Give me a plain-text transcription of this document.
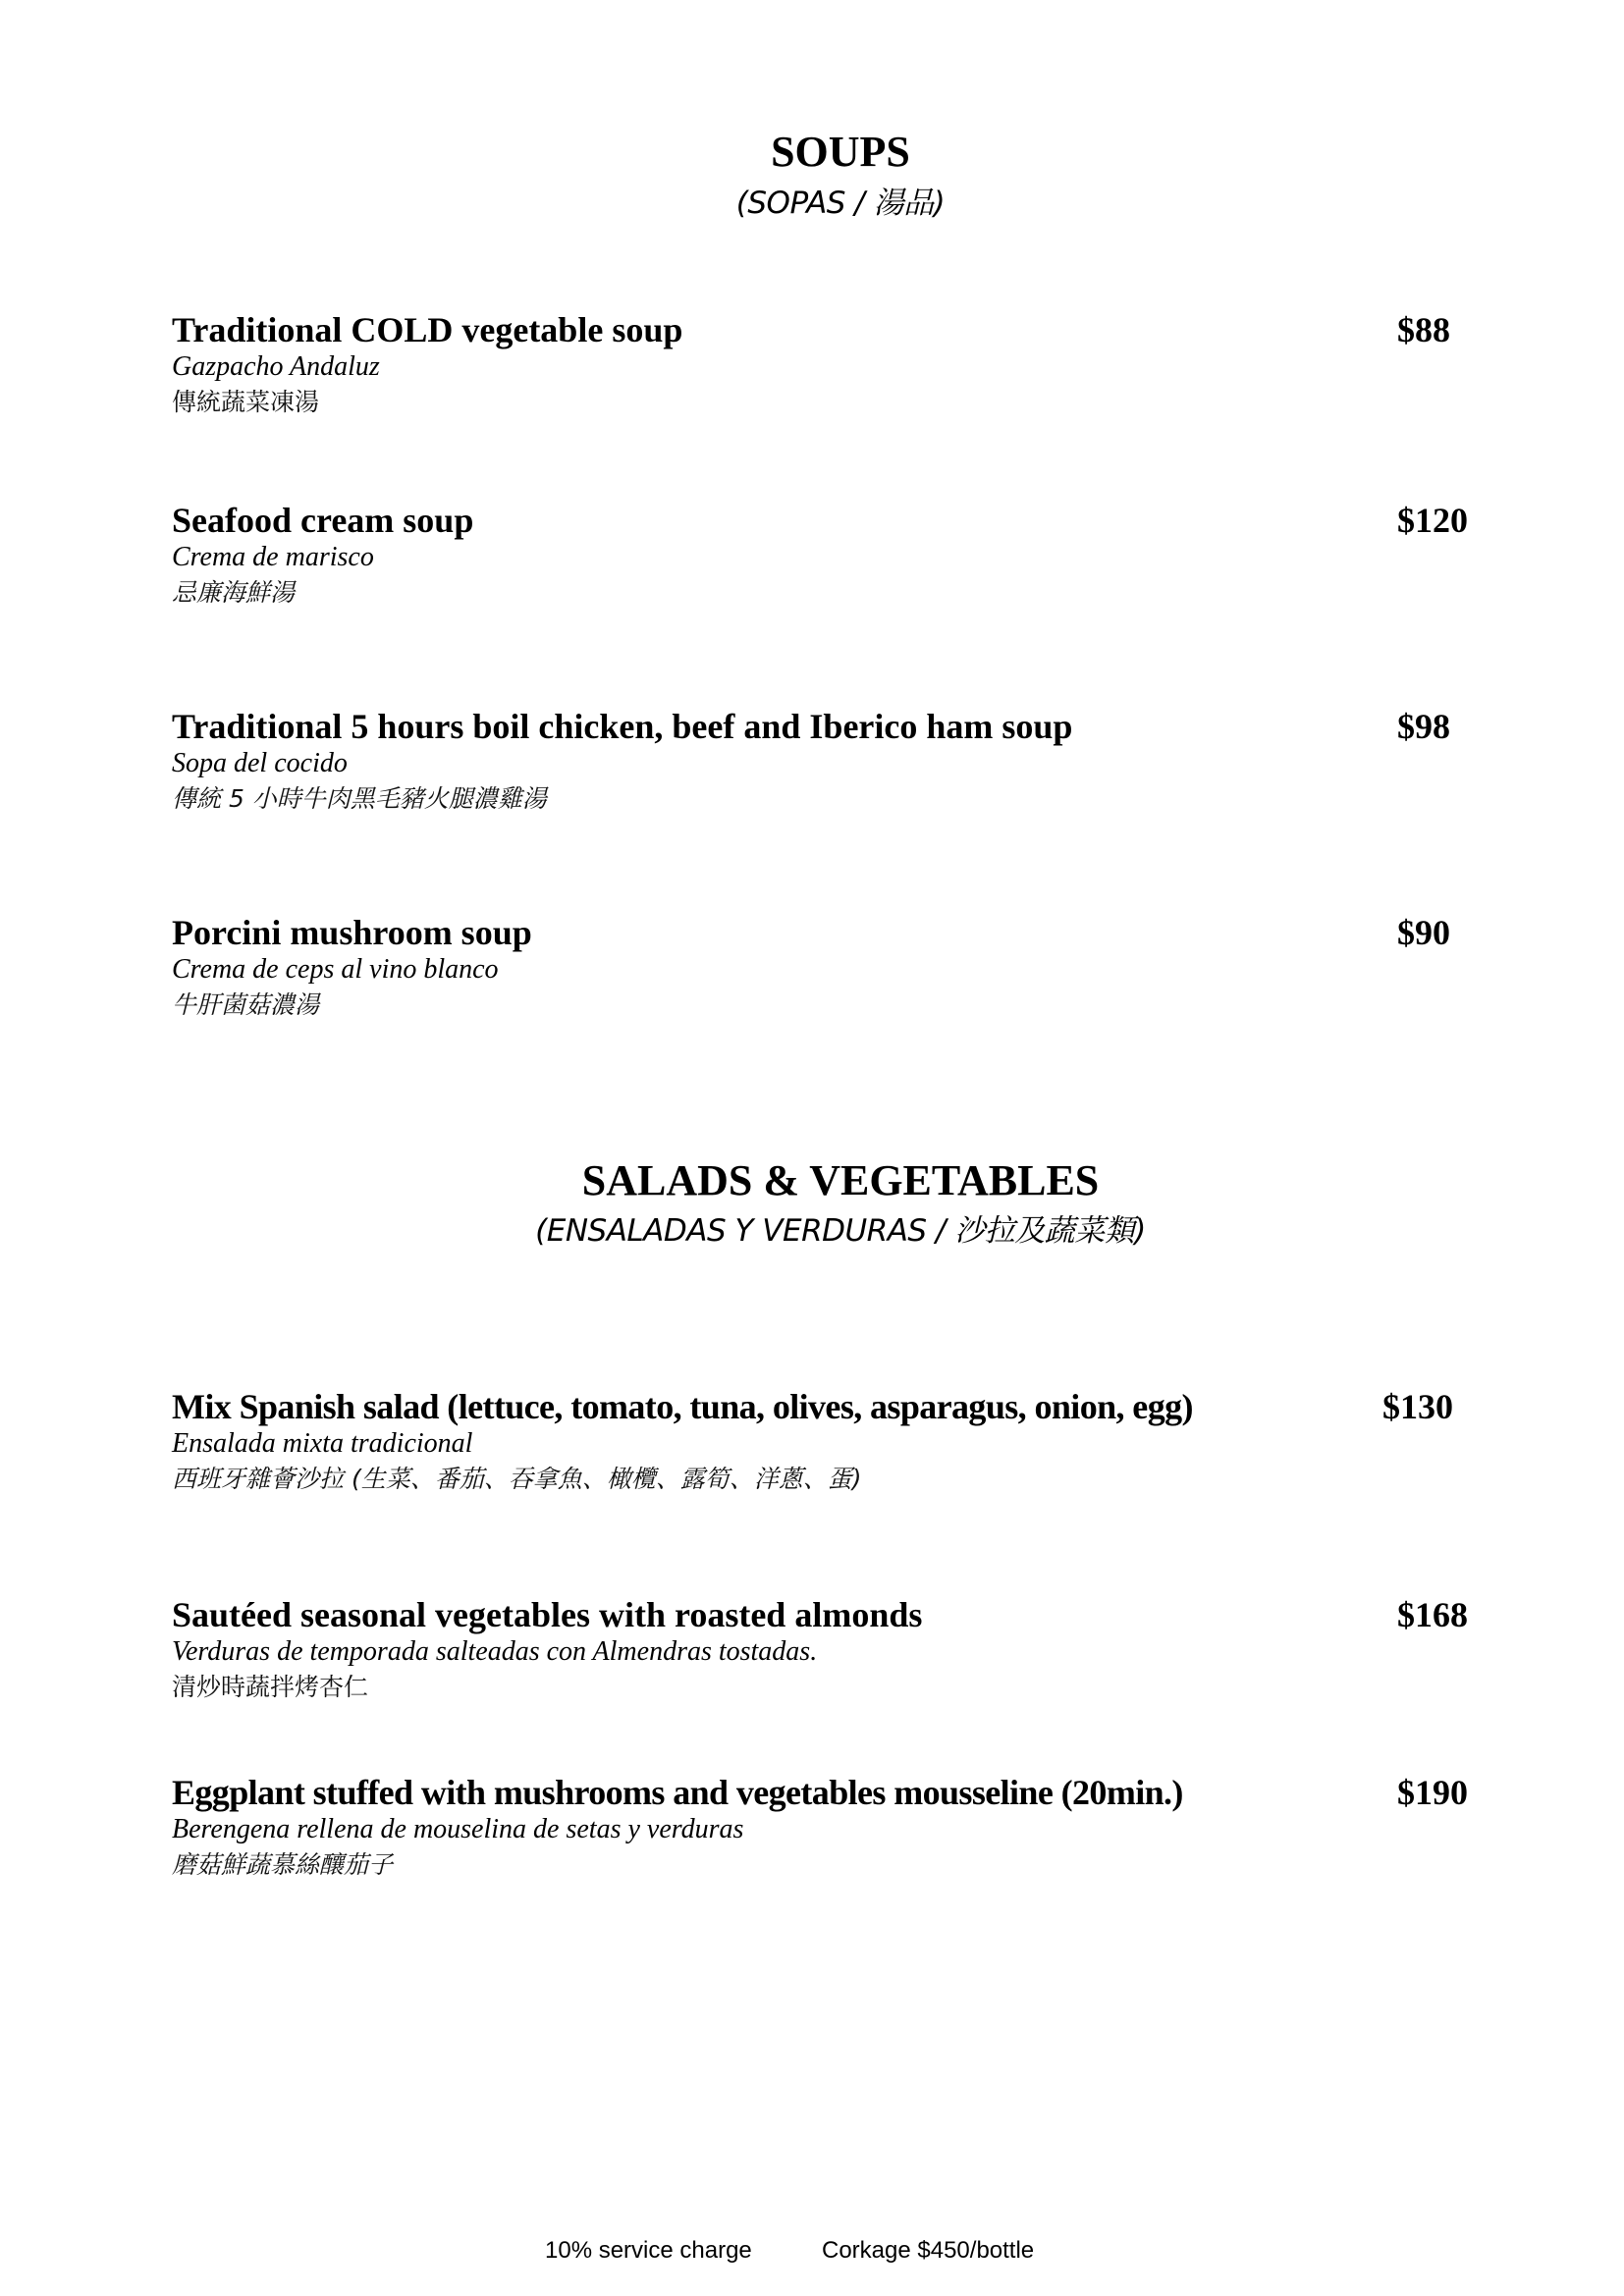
SOUPS
(SOPAS / 湯品)
Traditional COLD vegetable soup
Gazpacho Andaluz
傳統蔬菜凍湯
$88
Seafood cream soup
Crema de marisco
忌廉海鮮湯
$120
Traditional 5 hours boil chicken, beef and Iberico ham soup
Sopa del cocido
傳統 5 小時牛肉黑毛豬火腿濃雞湯
$98
Porcini mushroom soup
Crema de ceps al vino blanco
牛肝菌菇濃湯
$90
SALADS & VEGETABLES
(ENSALADAS Y VERDURAS / 沙拉及蔬菜類)
Mix Spanish salad (lettuce, tomato, tuna, olives, asparagus, onion, egg)
Ensalada mixta tradicional
西班牙雜薈沙拉 (生菜、番茄、吞拿魚、橄欖、露筍、洋蔥、蛋)
$130
Sautéed seasonal vegetables with roasted almonds
Verduras de temporada salteadas con Almendras tostadas.
清炒時蔬拌烤杏仁
$168
Eggplant stuffed with mushrooms and vegetables mousseline (20min.)
Berengena rellena de mouselina de setas y verduras
磨菇鮮蔬慕絲釀茄子
$190
10% service charge	Corkage $450/bottle
